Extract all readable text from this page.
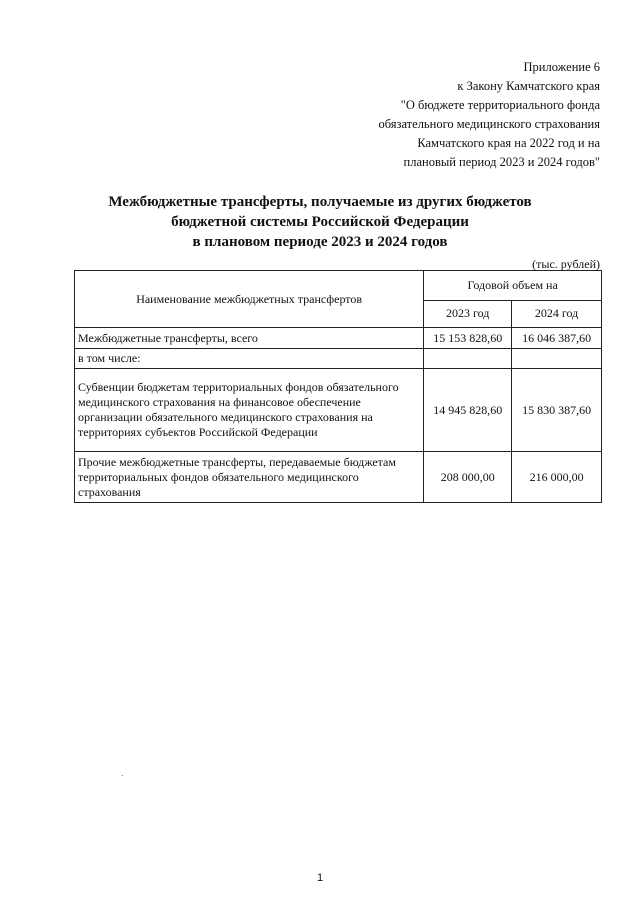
Приложение 6
к Закону Камчатского края
"О бюджете территориального фонда
обязательного медицинского страхования
Камчатского края на 2022 год и на
плановый период 2023 и 2024 годов"
Межбюджетные трансферты, получаемые из других бюджетов
бюджетной системы Российской Федерации
в плановом периоде 2023 и 2024 годов
(тыс. рублей)
Наименование межбюджетных трансфертов	Годовой объем на	
	2023 год	2024 год
Межбюджетные трансферты, всего	15 153 828,60	16 046 387,60
в том числе:		
Субвенции бюджетам территориальных фондов обязательного медицинского страхования на финансовое обеспечение организации обязательного медицинского страхования на территориях субъектов Российской Федерации	14 945 828,60	15 830 387,60
Прочие межбюджетные трансферты, передаваемые бюджетам территориальных фондов обязательного медицинского страхования	208 000,00	216 000,00
1
